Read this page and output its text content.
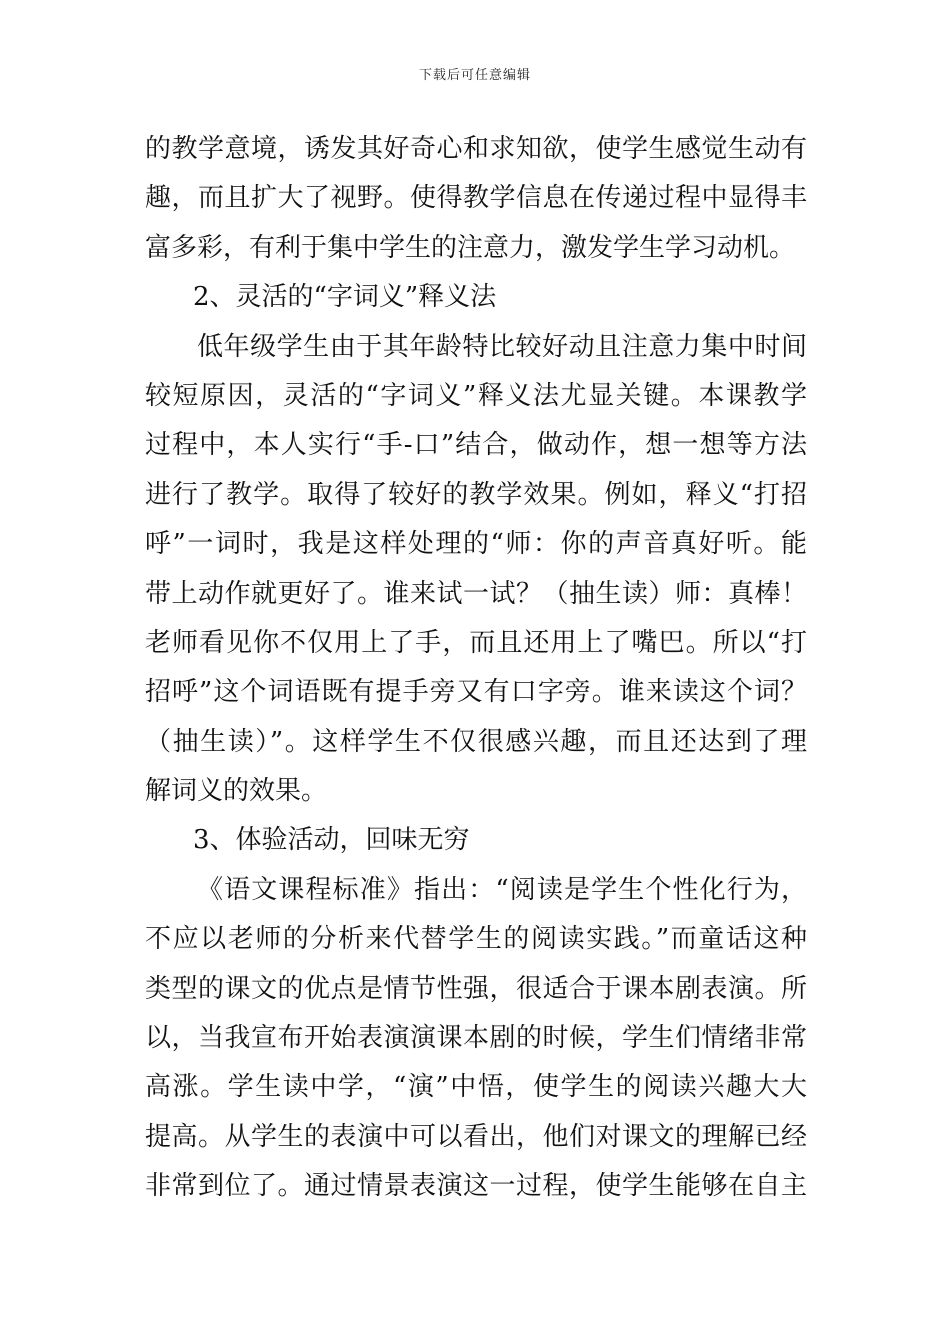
下载后可任意编辑
的教学意境，诱发其好奇心和求知欲，使学生感觉生动有
趣，而且扩大了视野。使得教学信息在传递过程中显得丰
富多彩，有利于集中学生的注意力，激发学生学习动机。
2、灵活的“字词义”释义法
低年级学生由于其年龄特比较好动且注意力集中时间
较短原因，灵活的“字词义”释义法尤显关键。本课教学
过程中，本人实行“手-口”结合，做动作，想一想等方法
进行了教学。取得了较好的教学效果。例如，释义“打招
呼”一词时，我是这样处理的“师：你的声音真好听。能
带上动作就更好了。谁来试一试？（抽生读）师：真棒！
老师看见你不仅用上了手，而且还用上了嘴巴。所以“打
招呼”这个词语既有提手旁又有口字旁。谁来读这个词？
（抽生读）”。这样学生不仅很感兴趣，而且还达到了理
解词义的效果。
3、体验活动，回味无穷
《语文课程标准》指出：“阅读是学生个性化行为，
不应以老师的分析来代替学生的阅读实践。”而童话这种
类型的课文的优点是情节性强，很适合于课本剧表演。所
以，当我宣布开始表演演课本剧的时候，学生们情绪非常
高涨。学生读中学，“演”中悟，使学生的阅读兴趣大大
提高。从学生的表演中可以看出，他们对课文的理解已经
非常到位了。通过情景表演这一过程，使学生能够在自主
